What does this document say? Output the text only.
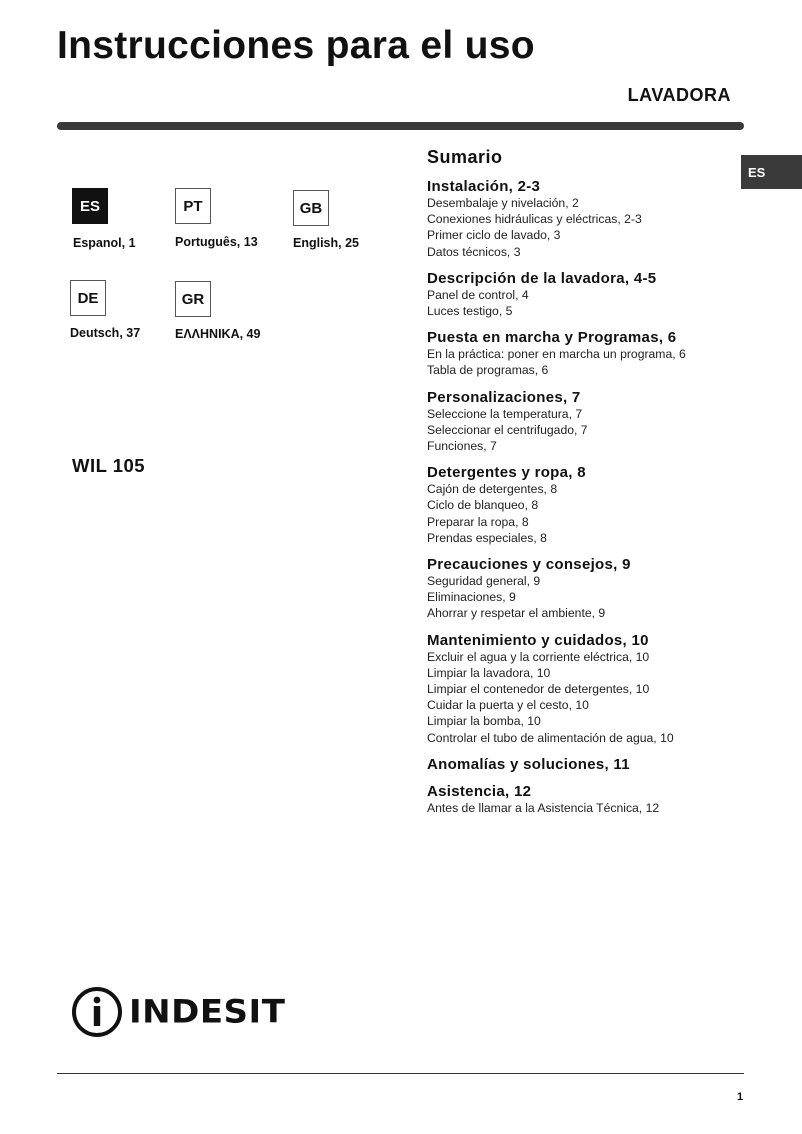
Instrucciones para el uso
LAVADORA
ES
ES
Espanol, 1
PT
Português, 13
GB
English, 25
DE
Deutsch, 37
GR
ΕΛΛΗΝΙΚΑ, 49
WIL 105
Sumario
Instalación, 2-3
Desembalaje y nivelación, 2
Conexiones hidráulicas y eléctricas, 2-3
Primer ciclo de lavado, 3
Datos técnicos, 3
Descripción de la lavadora, 4-5
Panel de control, 4
Luces testigo, 5
Puesta en marcha y Programas, 6
En la práctica: poner en marcha un programa, 6
Tabla de programas, 6
Personalizaciones, 7
Seleccione la temperatura, 7
Seleccionar el centrifugado, 7
Funciones, 7
Detergentes y ropa, 8
Cajón de detergentes, 8
Ciclo de blanqueo, 8
Preparar la ropa, 8
Prendas especiales, 8
Precauciones y consejos, 9
Seguridad general, 9
Eliminaciones, 9
Ahorrar y respetar el ambiente, 9
Mantenimiento y cuidados, 10
Excluir el agua y la corriente eléctrica, 10
Limpiar la lavadora, 10
Limpiar el contenedor de detergentes, 10
Cuidar la puerta y el cesto, 10
Limpiar la bomba, 10
Controlar el tubo de alimentación de agua, 10
Anomalías y soluciones, 11
Asistencia, 12
Antes de llamar a la Asistencia Técnica, 12
INDESIT
1
